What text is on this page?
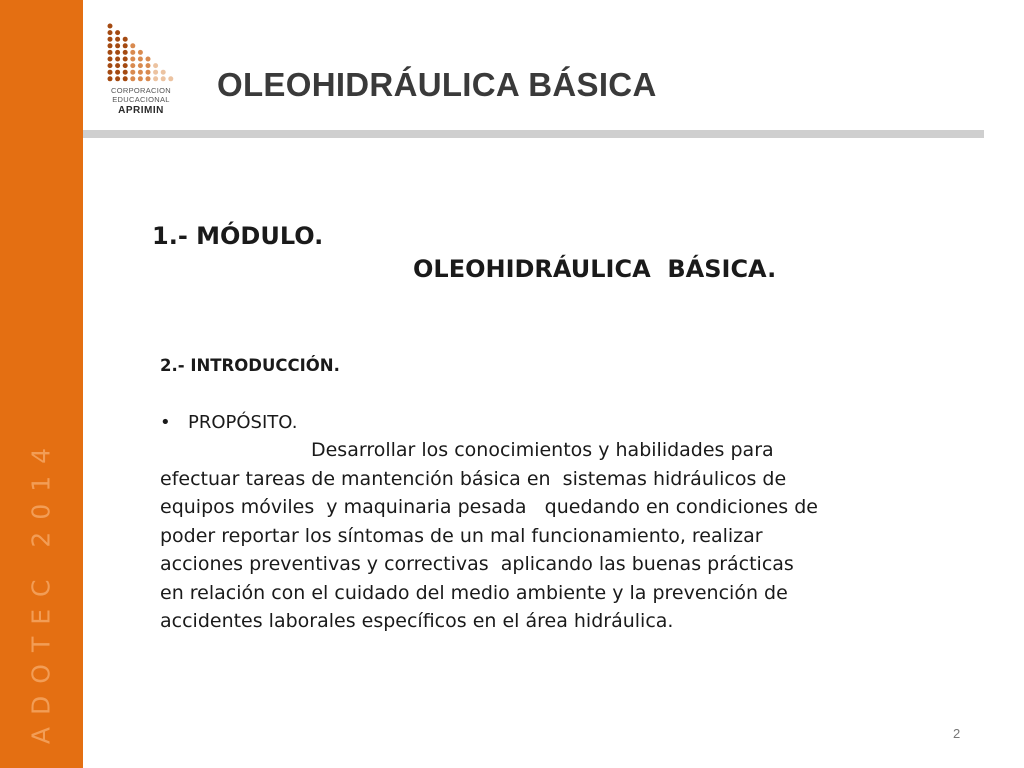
ADOTEC 2014

CORPORACION

EDUCACIONAL

APRIMIN

OLEOHIDRÁULICA BÁSICA
1.- MÓDULO.
OLEOHIDRÁULICA  BÁSICA.
2.- INTRODUCCIÓN.

• PROPÓSITO.

Desarrollar los conocimientos y habilidades para
efectuar tareas de mantención básica en  sistemas hidráulicos de
equipos móviles  y maquinaria pesada   quedando en condiciones de
poder reportar los síntomas de un mal funcionamiento, realizar
acciones preventivas y correctivas  aplicando las buenas prácticas
en relación con el cuidado del medio ambiente y la prevención de
accidentes laborales específicos en el área hidráulica.

2
